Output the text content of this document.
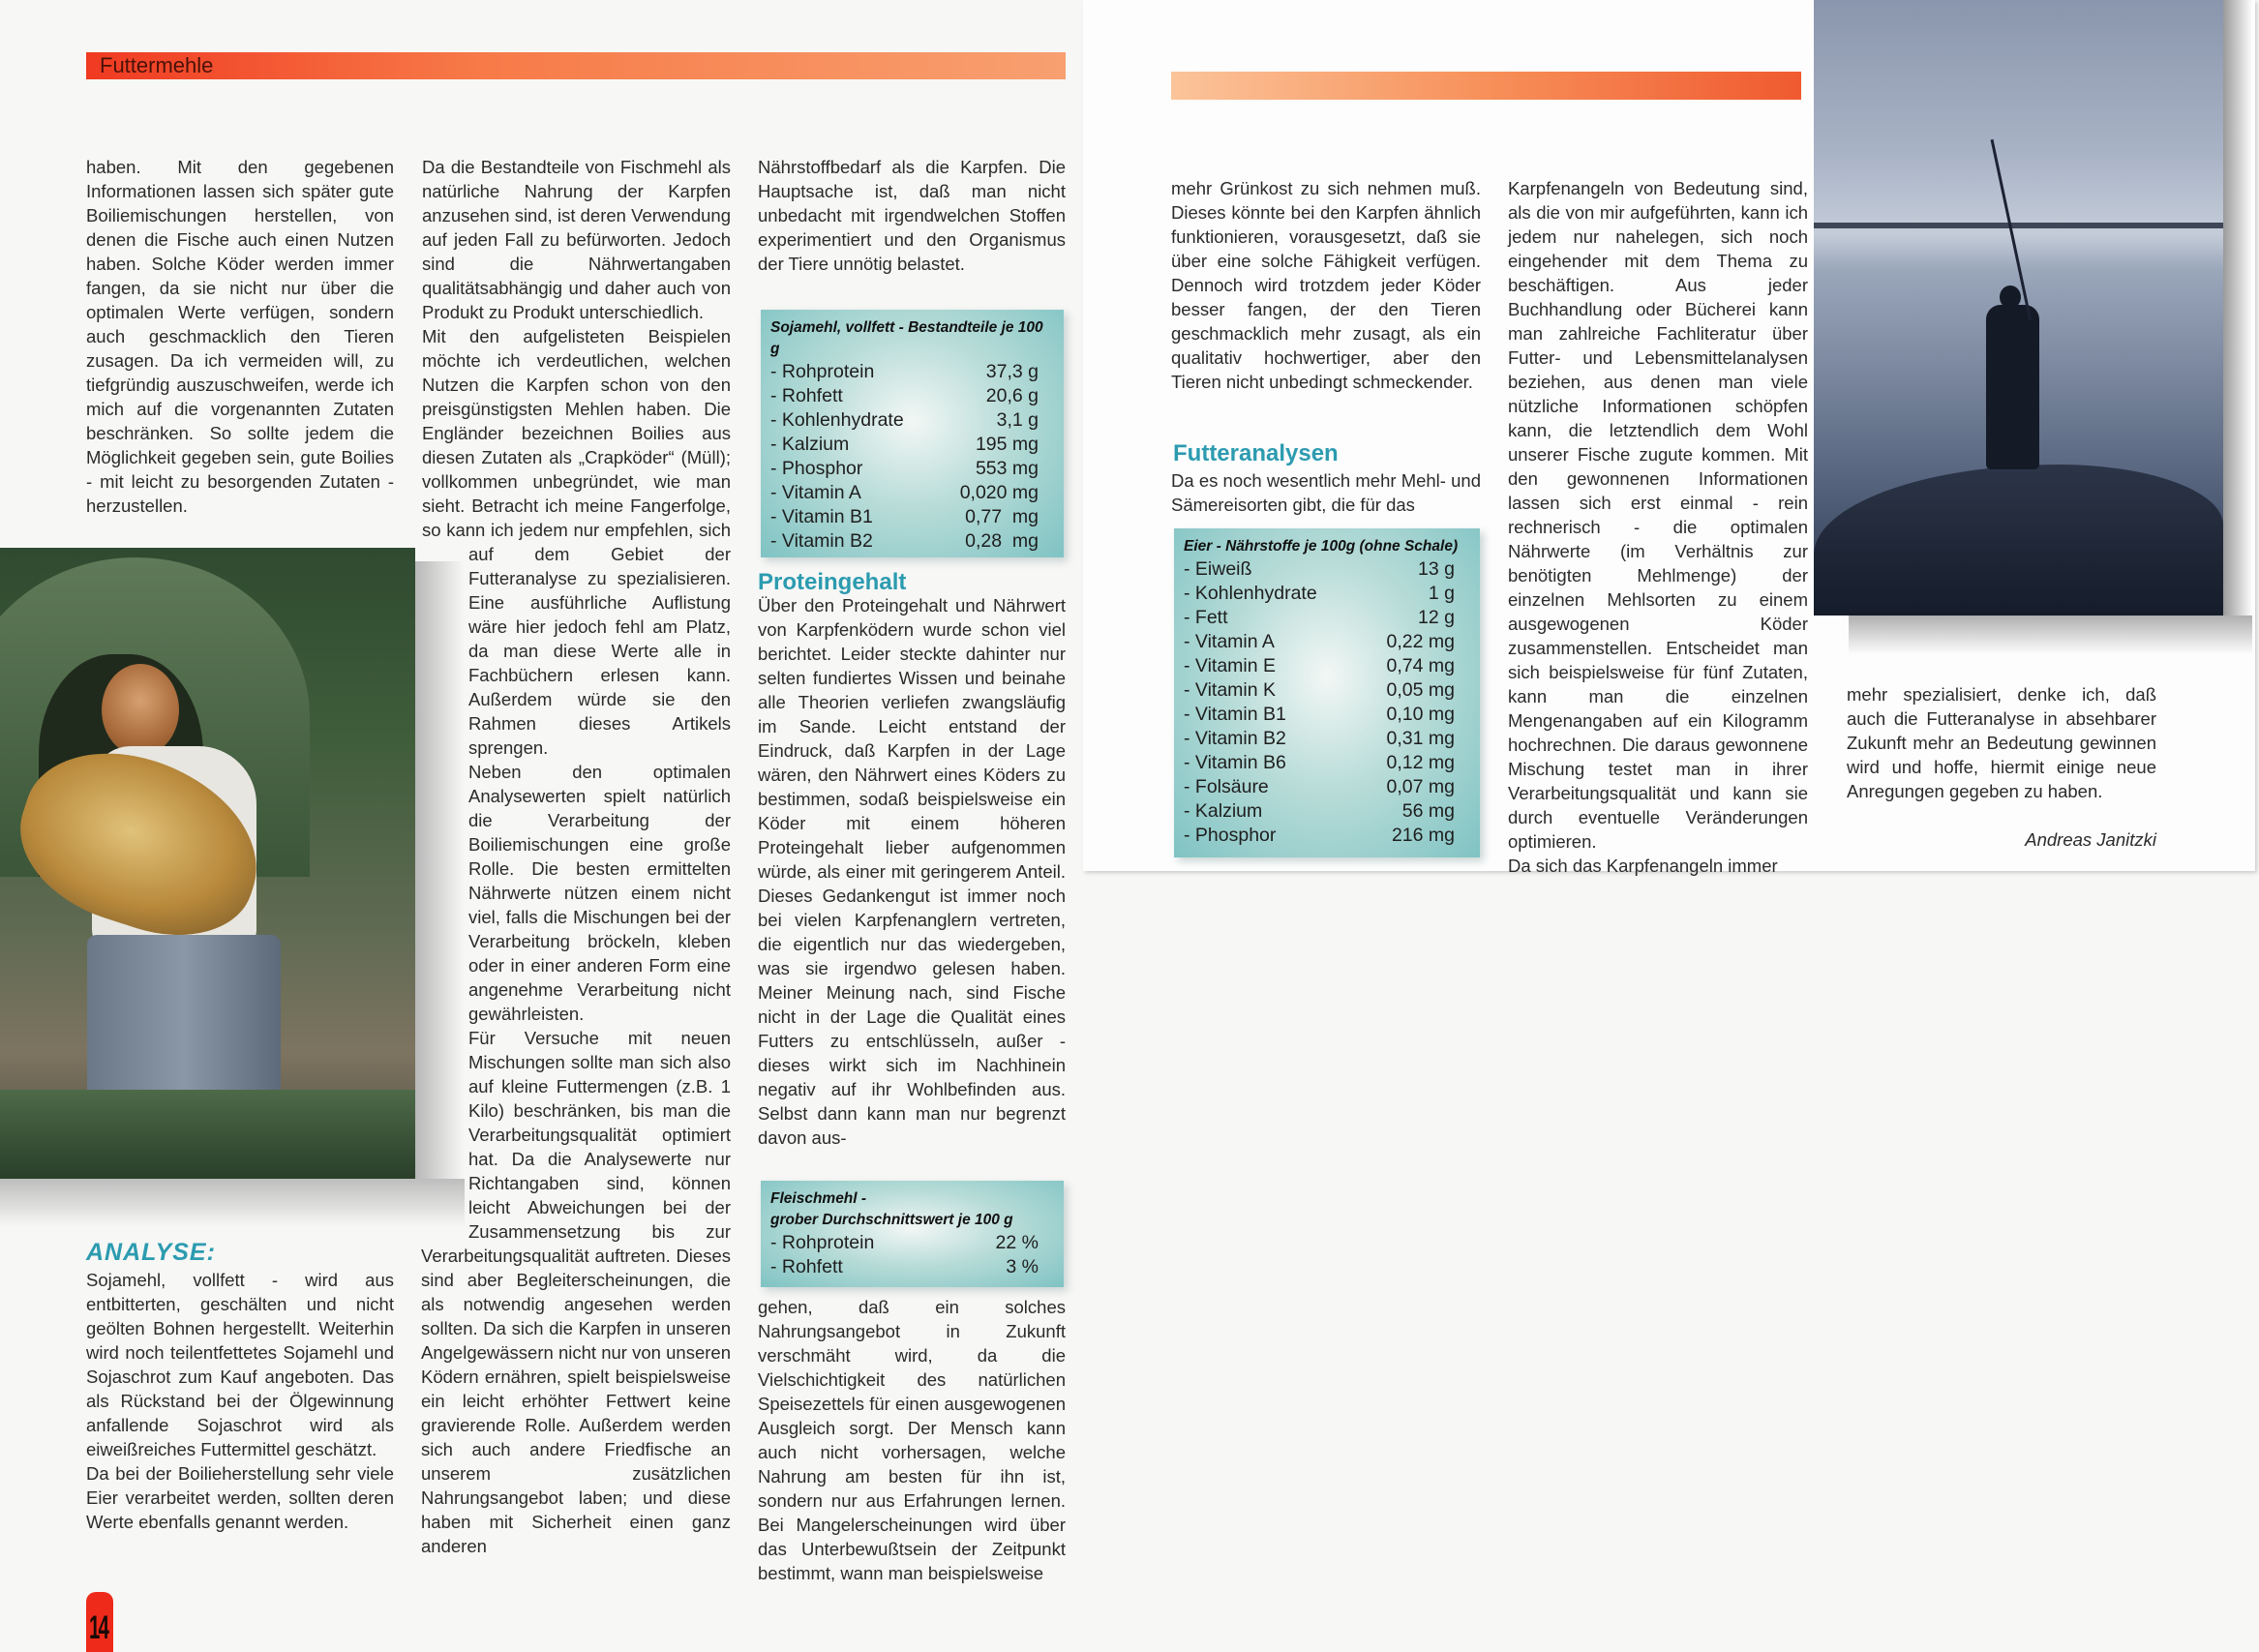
Futtermehle

haben. Mit den gegebenen Informationen lassen sich später gute Boiliemischungen herstellen, von denen die Fische auch einen Nutzen haben. Solche Köder werden immer fangen, da sie nicht nur über die optimalen Werte verfügen, sondern auch geschmacklich den Tieren zusagen. Da ich vermeiden will, zu tiefgründig auszuschweifen, werde ich mich auf die vorgenannten Zutaten beschränken. So sollte jedem die Möglichkeit gegeben sein, gute Boilies - mit leicht zu besorgenden Zutaten - herzustellen.

ANALYSE:

Sojamehl, vollfett - wird aus entbitterten, geschälten und nicht geölten Bohnen hergestellt. Weiterhin wird noch teilentfettetes Sojamehl und Sojaschrot zum Kauf angeboten. Das als Rückstand bei der Ölgewinnung anfallende Sojaschrot wird als eiweißreiches Futtermittel geschätzt.

Da bei der Boilieherstellung sehr viele Eier verarbeitet werden, sollten deren Werte ebenfalls genannt werden.

Da die Bestandteile von Fischmehl als natürliche Nahrung der Karpfen anzusehen sind, ist deren Verwendung auf jeden Fall zu befürworten. Jedoch sind die Nährwertangaben qualitätsabhängig und daher auch von Produkt zu Produkt unterschiedlich.

Mit den aufgelisteten Beispielen möchte ich verdeutlichen, welchen Nutzen die Karpfen schon von den preisgünstigsten Mehlen haben. Die Engländer bezeichnen Boilies aus diesen Zutaten als „Crapköder“ (Müll); vollkommen unbegründet, wie man sieht. Betracht ich meine Fangerfolge, so kann ich jedem nur empfehlen, sich auf dem Gebiet der Futteranalyse zu spezialisieren. Eine ausführliche Auflistung wäre hier jedoch fehl am Platz, da man diese Werte alle in Fachbüchern erlesen kann. Außerdem würde sie den Rahmen dieses Artikels sprengen.

Neben den optimalen Analysewerten spielt natürlich die Verarbeitung der Boiliemischungen eine große Rolle. Die besten ermittelten Nährwerte nützen einem nicht viel, falls die Mischungen bei der Verarbeitung bröckeln, kleben oder in einer anderen Form eine angenehme Verarbeitung nicht gewährleisten.

Für Versuche mit neuen Mischungen sollte man sich also auf kleine Futtermengen (z.B. 1 Kilo) beschränken, bis man die Verarbeitungsqualität optimiert hat. Da die Analysewerte nur Richtangaben sind, können leicht Abweichungen bei der Zusammensetzung bis zur Verarbeitungsqualität auftreten. Dieses sind aber Begleiterscheinungen, die als notwendig angesehen werden sollten. Da sich die Karpfen in unseren Angelgewässern nicht nur von unseren Ködern ernähren, spielt beispielsweise ein leicht erhöhter Fettwert keine gravierende Rolle. Außerdem werden sich auch andere Friedfische an unserem zusätzlichen Nahrungsangebot laben; und diese haben mit Sicherheit einen ganz anderen

Nährstoffbedarf als die Karpfen. Die Hauptsache ist, daß man nicht unbedacht mit irgendwelchen Stoffen experimentiert und den Organismus der Tiere unnötig belastet.
Sojamehl, vollfett - Bestandteile je 100 g
- Rohprotein	37,3 g
- Rohfett	20,6 g
- Kohlenhydrate	3,1 g
- Kalzium	195 mg
- Phosphor	553 mg
- Vitamin A	0,020 mg
- Vitamin B1	0,77  mg
- Vitamin B2	0,28  mg
Proteingehalt
Über den Proteingehalt und Nährwert von Karpfenködern wurde schon viel berichtet. Leider steckte dahinter nur selten fundiertes Wissen und beinahe alle Theorien verliefen zwangsläufig im Sande. Leicht entstand der Eindruck, daß Karpfen in der Lage wären, den Nährwert eines Köders zu bestimmen, sodaß beispielsweise ein Köder mit einem höheren Proteingehalt lieber aufgenommen würde, als einer mit geringerem Anteil. Dieses Gedankengut ist immer noch bei vielen Karpfenanglern vertreten, die eigentlich nur das wiedergeben, was sie irgendwo gelesen haben. Meiner Meinung nach, sind Fische nicht in der Lage die Qualität eines Futters zu entschlüsseln, außer - dieses wirkt sich im Nachhinein negativ auf ihr Wohlbefinden aus. Selbst dann kann man nur begrenzt davon aus-
Fleischmehl -
grober Durchschnittswert je 100 g
- Rohprotein	22 %
- Rohfett	3 %
gehen, daß ein solches Nahrungsangebot in Zukunft verschmäht wird, da die Vielschichtigkeit des natürlichen Speisezettels für einen ausgewogenen Ausgleich sorgt. Der Mensch kann auch nicht vorhersagen, welche Nahrung am besten für ihn ist, sondern nur aus Erfahrungen lernen. Bei Mangelerscheinungen wird über das Unterbewußtsein der Zeitpunkt bestimmt, wann man beispielsweise
14
mehr Grünkost zu sich nehmen muß. Dieses könnte bei den Karpfen ähnlich funktionieren, vorausgesetzt, daß sie über eine solche Fähigkeit verfügen. Dennoch wird trotzdem jeder Köder besser fangen, der den Tieren geschmacklich mehr zusagt, als ein qualitativ hochwertiger, aber den Tieren nicht unbedingt schmeckender.
Futteranalysen
Da es noch wesentlich mehr Mehl- und Sämereisorten gibt, die für das
Eier - Nährstoffe je 100g (ohne Schale)
- Eiweiß	13 g
- Kohlenhydrate	1 g
- Fett	12 g
- Vitamin A	0,22 mg
- Vitamin E	0,74 mg
- Vitamin K	0,05 mg
- Vitamin B1	0,10 mg
- Vitamin B2	0,31 mg
- Vitamin B6	0,12 mg
- Folsäure	0,07 mg
- Kalzium	56 mg
- Phosphor	216 mg

Karpfenangeln von Bedeutung sind, als die von mir aufgeführten, kann ich jedem nur nahelegen, sich noch eingehender mit dem Thema zu beschäftigen. Aus jeder Buchhandlung oder Bücherei kann man zahlreiche Fachliteratur über Futter- und Lebensmittelanalysen beziehen, aus denen man viele nützliche Informationen schöpfen kann, die letztendlich dem Wohl unserer Fische zugute kommen. Mit den gewonnenen Informationen lassen sich erst einmal - rein rechnerisch - die optimalen Nährwerte (im Verhältnis zur benötigten Mehlmenge) der einzelnen Mehlsorten zu einem ausgewogenen Köder zusammenstellen. Entscheidet man sich beispielsweise für fünf Zutaten, kann man die einzelnen Mengenangaben auf ein Kilogramm hochrechnen. Die daraus gewonnene Mischung testet man in ihrer Verarbeitungsqualität und kann sie durch eventuelle Veränderungen optimieren.

Da sich das Karpfenangeln immer

mehr spezialisiert, denke ich, daß auch die Futteranalyse in absehbarer Zukunft mehr an Bedeutung gewinnen wird und hoffe, hiermit einige neue Anregungen gegeben zu haben.
Andreas Janitzki
